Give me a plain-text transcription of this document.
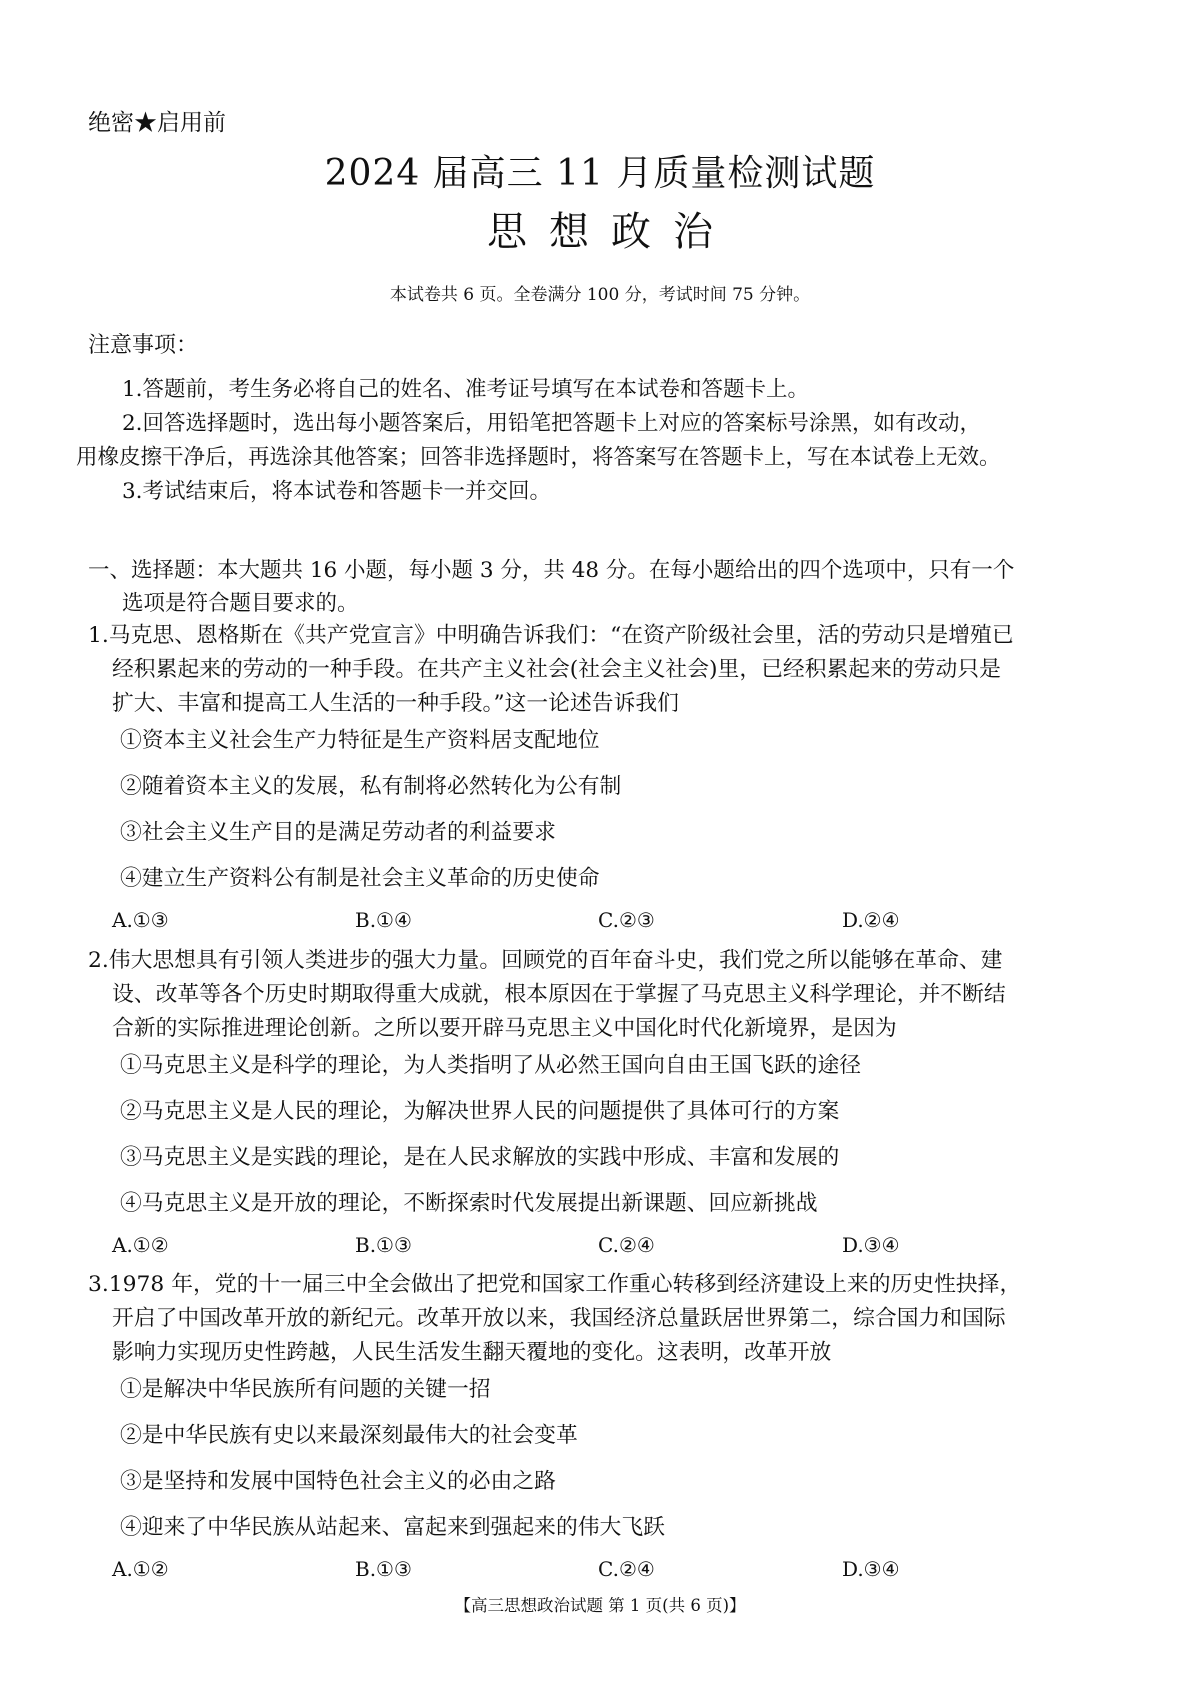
绝密★启用前
2024 届高三 11 月质量检测试题
思想政治
本试卷共 6 页。全卷满分 100 分，考试时间 75 分钟。
注意事项：
1.答题前，考生务必将自己的姓名、准考证号填写在本试卷和答题卡上。
2.回答选择题时，选出每小题答案后，用铅笔把答题卡上对应的答案标号涂黑，如有改动，
用橡皮擦干净后，再选涂其他答案；回答非选择题时，将答案写在答题卡上，写在本试卷上无效。
3.考试结束后，将本试卷和答题卡一并交回。
一、选择题：本大题共 16 小题，每小题 3 分，共 48 分。在每小题给出的四个选项中，只有一个
选项是符合题目要求的。
1.马克思、恩格斯在《共产党宣言》中明确告诉我们：“在资产阶级社会里，活的劳动只是增殖已
经积累起来的劳动的一种手段。在共产主义社会(社会主义社会)里，已经积累起来的劳动只是
扩大、丰富和提高工人生活的一种手段。”这一论述告诉我们
①资本主义社会生产力特征是生产资料居支配地位
②随着资本主义的发展，私有制将必然转化为公有制
③社会主义生产目的是满足劳动者的利益要求
④建立生产资料公有制是社会主义革命的历史使命
A.①③	B.①④	C.②③	D.②④
2.伟大思想具有引领人类进步的强大力量。回顾党的百年奋斗史，我们党之所以能够在革命、建
设、改革等各个历史时期取得重大成就，根本原因在于掌握了马克思主义科学理论，并不断结
合新的实际推进理论创新。之所以要开辟马克思主义中国化时代化新境界，是因为
①马克思主义是科学的理论，为人类指明了从必然王国向自由王国飞跃的途径
②马克思主义是人民的理论，为解决世界人民的问题提供了具体可行的方案
③马克思主义是实践的理论，是在人民求解放的实践中形成、丰富和发展的
④马克思主义是开放的理论，不断探索时代发展提出新课题、回应新挑战
A.①②	B.①③	C.②④	D.③④
3.1978 年，党的十一届三中全会做出了把党和国家工作重心转移到经济建设上来的历史性抉择，
开启了中国改革开放的新纪元。改革开放以来，我国经济总量跃居世界第二，综合国力和国际
影响力实现历史性跨越，人民生活发生翻天覆地的变化。这表明，改革开放
①是解决中华民族所有问题的关键一招
②是中华民族有史以来最深刻最伟大的社会变革
③是坚持和发展中国特色社会主义的必由之路
④迎来了中华民族从站起来、富起来到强起来的伟大飞跃
A.①②	B.①③	C.②④	D.③④
【高三思想政治试题 第 1 页(共 6 页)】
